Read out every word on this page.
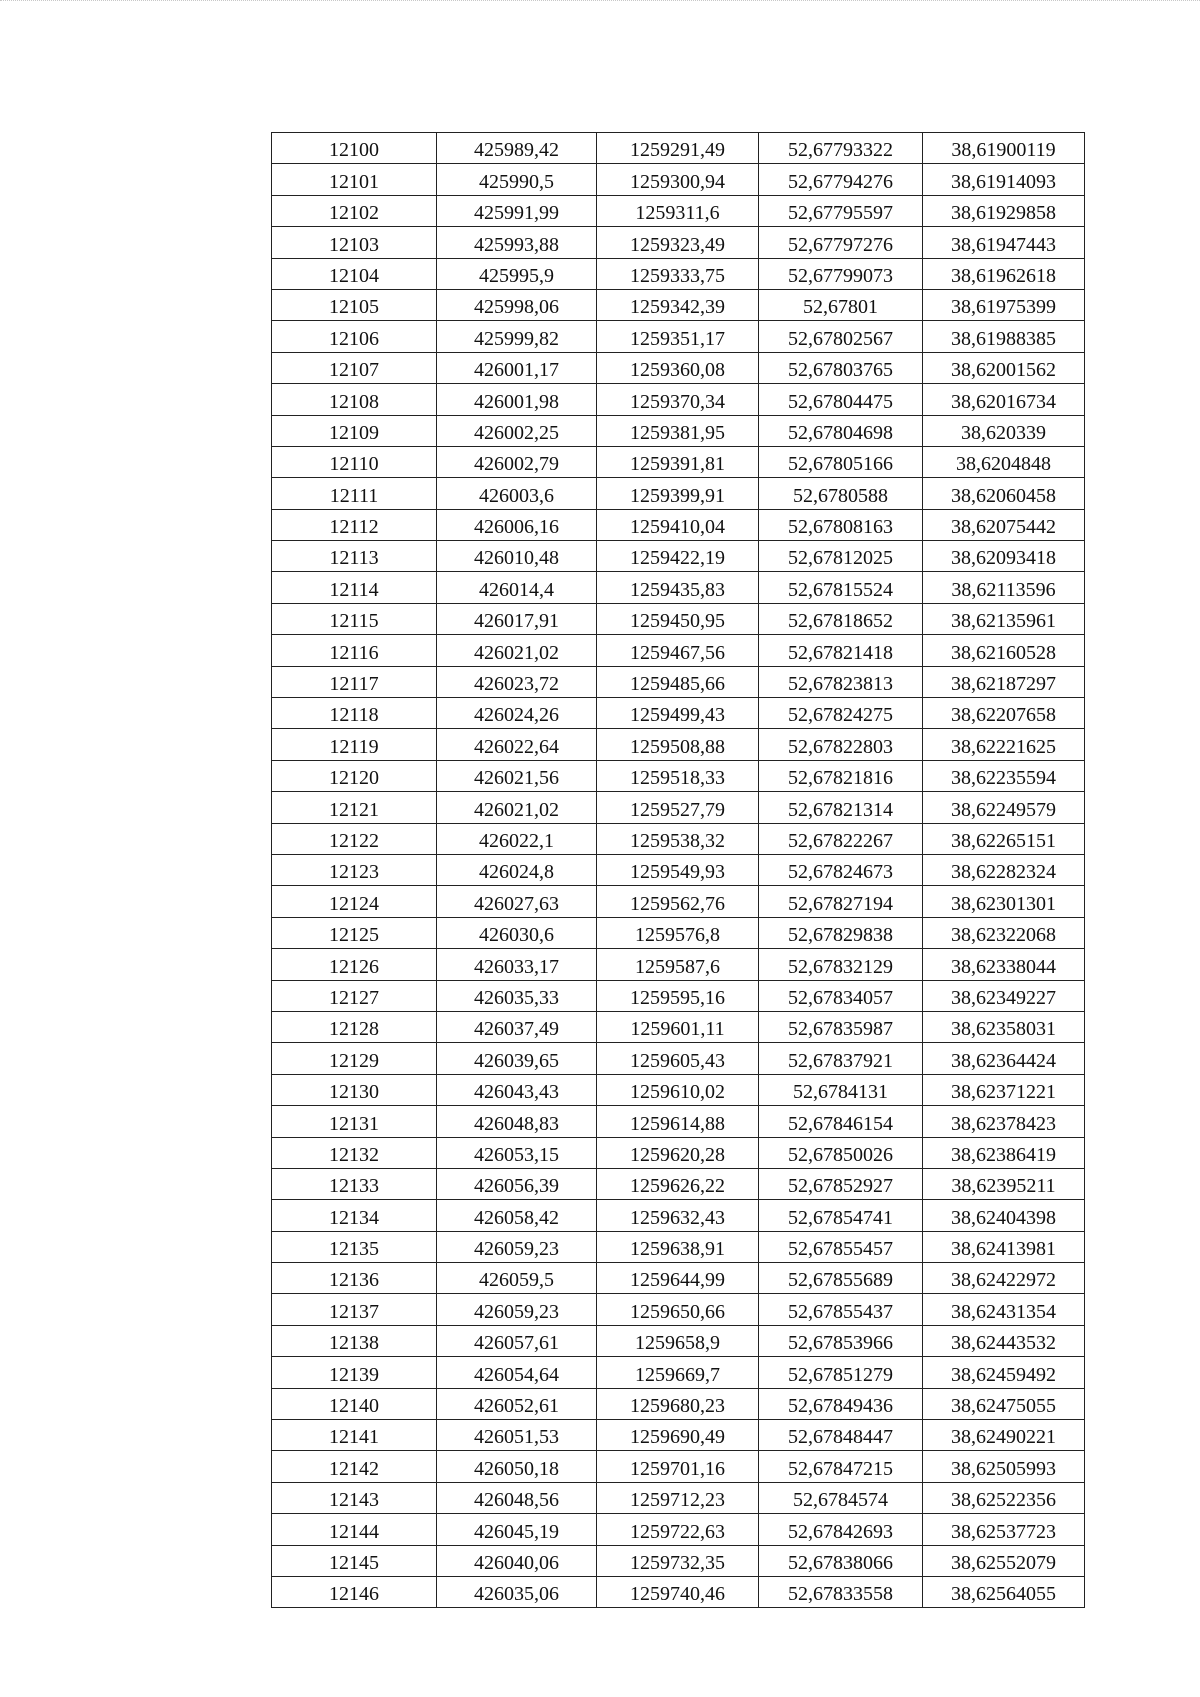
12100	425989,42	1259291,49	52,67793322	38,61900119
12101	425990,5	1259300,94	52,67794276	38,61914093
12102	425991,99	1259311,6	52,67795597	38,61929858
12103	425993,88	1259323,49	52,67797276	38,61947443
12104	425995,9	1259333,75	52,67799073	38,61962618
12105	425998,06	1259342,39	52,67801	38,61975399
12106	425999,82	1259351,17	52,67802567	38,61988385
12107	426001,17	1259360,08	52,67803765	38,62001562
12108	426001,98	1259370,34	52,67804475	38,62016734
12109	426002,25	1259381,95	52,67804698	38,620339
12110	426002,79	1259391,81	52,67805166	38,6204848
12111	426003,6	1259399,91	52,6780588	38,62060458
12112	426006,16	1259410,04	52,67808163	38,62075442
12113	426010,48	1259422,19	52,67812025	38,62093418
12114	426014,4	1259435,83	52,67815524	38,62113596
12115	426017,91	1259450,95	52,67818652	38,62135961
12116	426021,02	1259467,56	52,67821418	38,62160528
12117	426023,72	1259485,66	52,67823813	38,62187297
12118	426024,26	1259499,43	52,67824275	38,62207658
12119	426022,64	1259508,88	52,67822803	38,62221625
12120	426021,56	1259518,33	52,67821816	38,62235594
12121	426021,02	1259527,79	52,67821314	38,62249579
12122	426022,1	1259538,32	52,67822267	38,62265151
12123	426024,8	1259549,93	52,67824673	38,62282324
12124	426027,63	1259562,76	52,67827194	38,62301301
12125	426030,6	1259576,8	52,67829838	38,62322068
12126	426033,17	1259587,6	52,67832129	38,62338044
12127	426035,33	1259595,16	52,67834057	38,62349227
12128	426037,49	1259601,11	52,67835987	38,62358031
12129	426039,65	1259605,43	52,67837921	38,62364424
12130	426043,43	1259610,02	52,6784131	38,62371221
12131	426048,83	1259614,88	52,67846154	38,62378423
12132	426053,15	1259620,28	52,67850026	38,62386419
12133	426056,39	1259626,22	52,67852927	38,62395211
12134	426058,42	1259632,43	52,67854741	38,62404398
12135	426059,23	1259638,91	52,67855457	38,62413981
12136	426059,5	1259644,99	52,67855689	38,62422972
12137	426059,23	1259650,66	52,67855437	38,62431354
12138	426057,61	1259658,9	52,67853966	38,62443532
12139	426054,64	1259669,7	52,67851279	38,62459492
12140	426052,61	1259680,23	52,67849436	38,62475055
12141	426051,53	1259690,49	52,67848447	38,62490221
12142	426050,18	1259701,16	52,67847215	38,62505993
12143	426048,56	1259712,23	52,6784574	38,62522356
12144	426045,19	1259722,63	52,67842693	38,62537723
12145	426040,06	1259732,35	52,67838066	38,62552079
12146	426035,06	1259740,46	52,67833558	38,62564055
